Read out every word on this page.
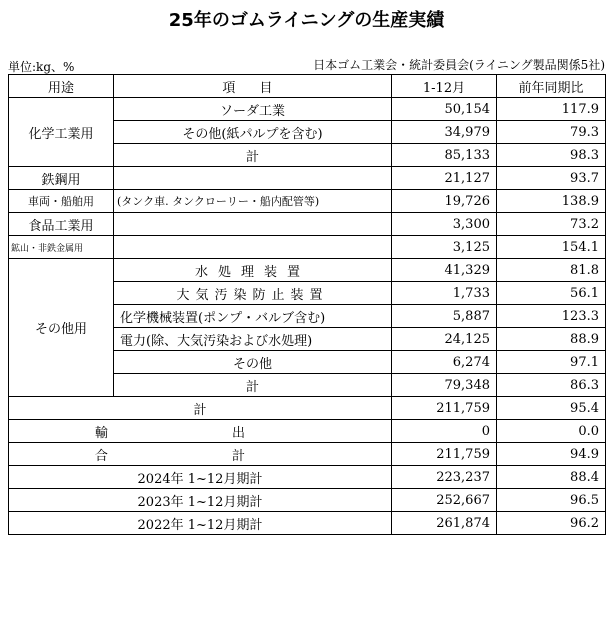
25年のゴムライニングの生産実績
単位:kg、%	日本ゴム工業会・統計委員会(ライニング製品関係5社)
用途	項 目	1-12月	前年同期比
化学工業用	ソーダ工業	50,154	117.9
	その他(紙パルプを含む)	34,979	79.3
	計	85,133	98.3
鉄鋼用		21,127	93.7
車両・船舶用	(タンク車. タンクローリー・船内配管等)	19,726	138.9
食品工業用		3,300	73.2
鉱山・非鉄金属用		3,125	154.1
その他用	水処理装置	41,329	81.8
	大気汚染防止装置	1,733	56.1
	化学機械装置(ポンプ・バルブ含む)	5,887	123.3
	電力(除、大気汚染および水処理)	24,125	88.9
	その他	6,274	97.1
	計	79,348	86.3
計		211,759	95.4
輸 出		0	0.0
合 計		211,759	94.9
2024年 1~12月期計		223,237	88.4
2023年 1~12月期計		252,667	96.5
2022年 1~12月期計		261,874	96.2
